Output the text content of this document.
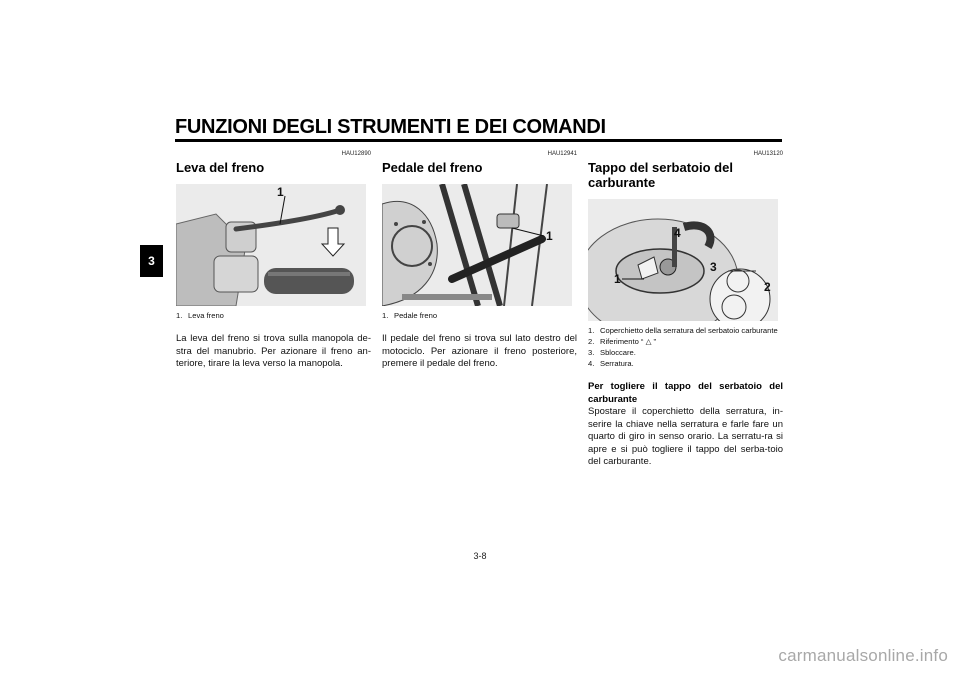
FUNZIONI DEGLI STRUMENTI E DEI COMANDI
3
HAU12890
Leva del freno
1
1. Leva freno
La leva del freno si trova sulla manopola de-stra del manubrio. Per azionare il freno an-teriore, tirare la leva verso la manopola.
HAU12941
Pedale del freno
1
1. Pedale freno
Il pedale del freno si trova sul lato destro del motociclo. Per azionare il freno posteriore, premere il pedale del freno.
HAU13120
Tappo del serbatoio del carburante
4
3
2
1
1. Coperchietto della serratura del serbatoio carburante
2. Riferimento “ △ ”
3. Sbloccare.
4. Serratura.
Per togliere il tappo del serbatoio del carburante
Spostare il coperchietto della serratura, in-serire la chiave nella serratura e farle fare un quarto di giro in senso orario. La serratu-ra si apre e si può togliere il tappo del serba-toio del carburante.
3-8
carmanualsonline.info
